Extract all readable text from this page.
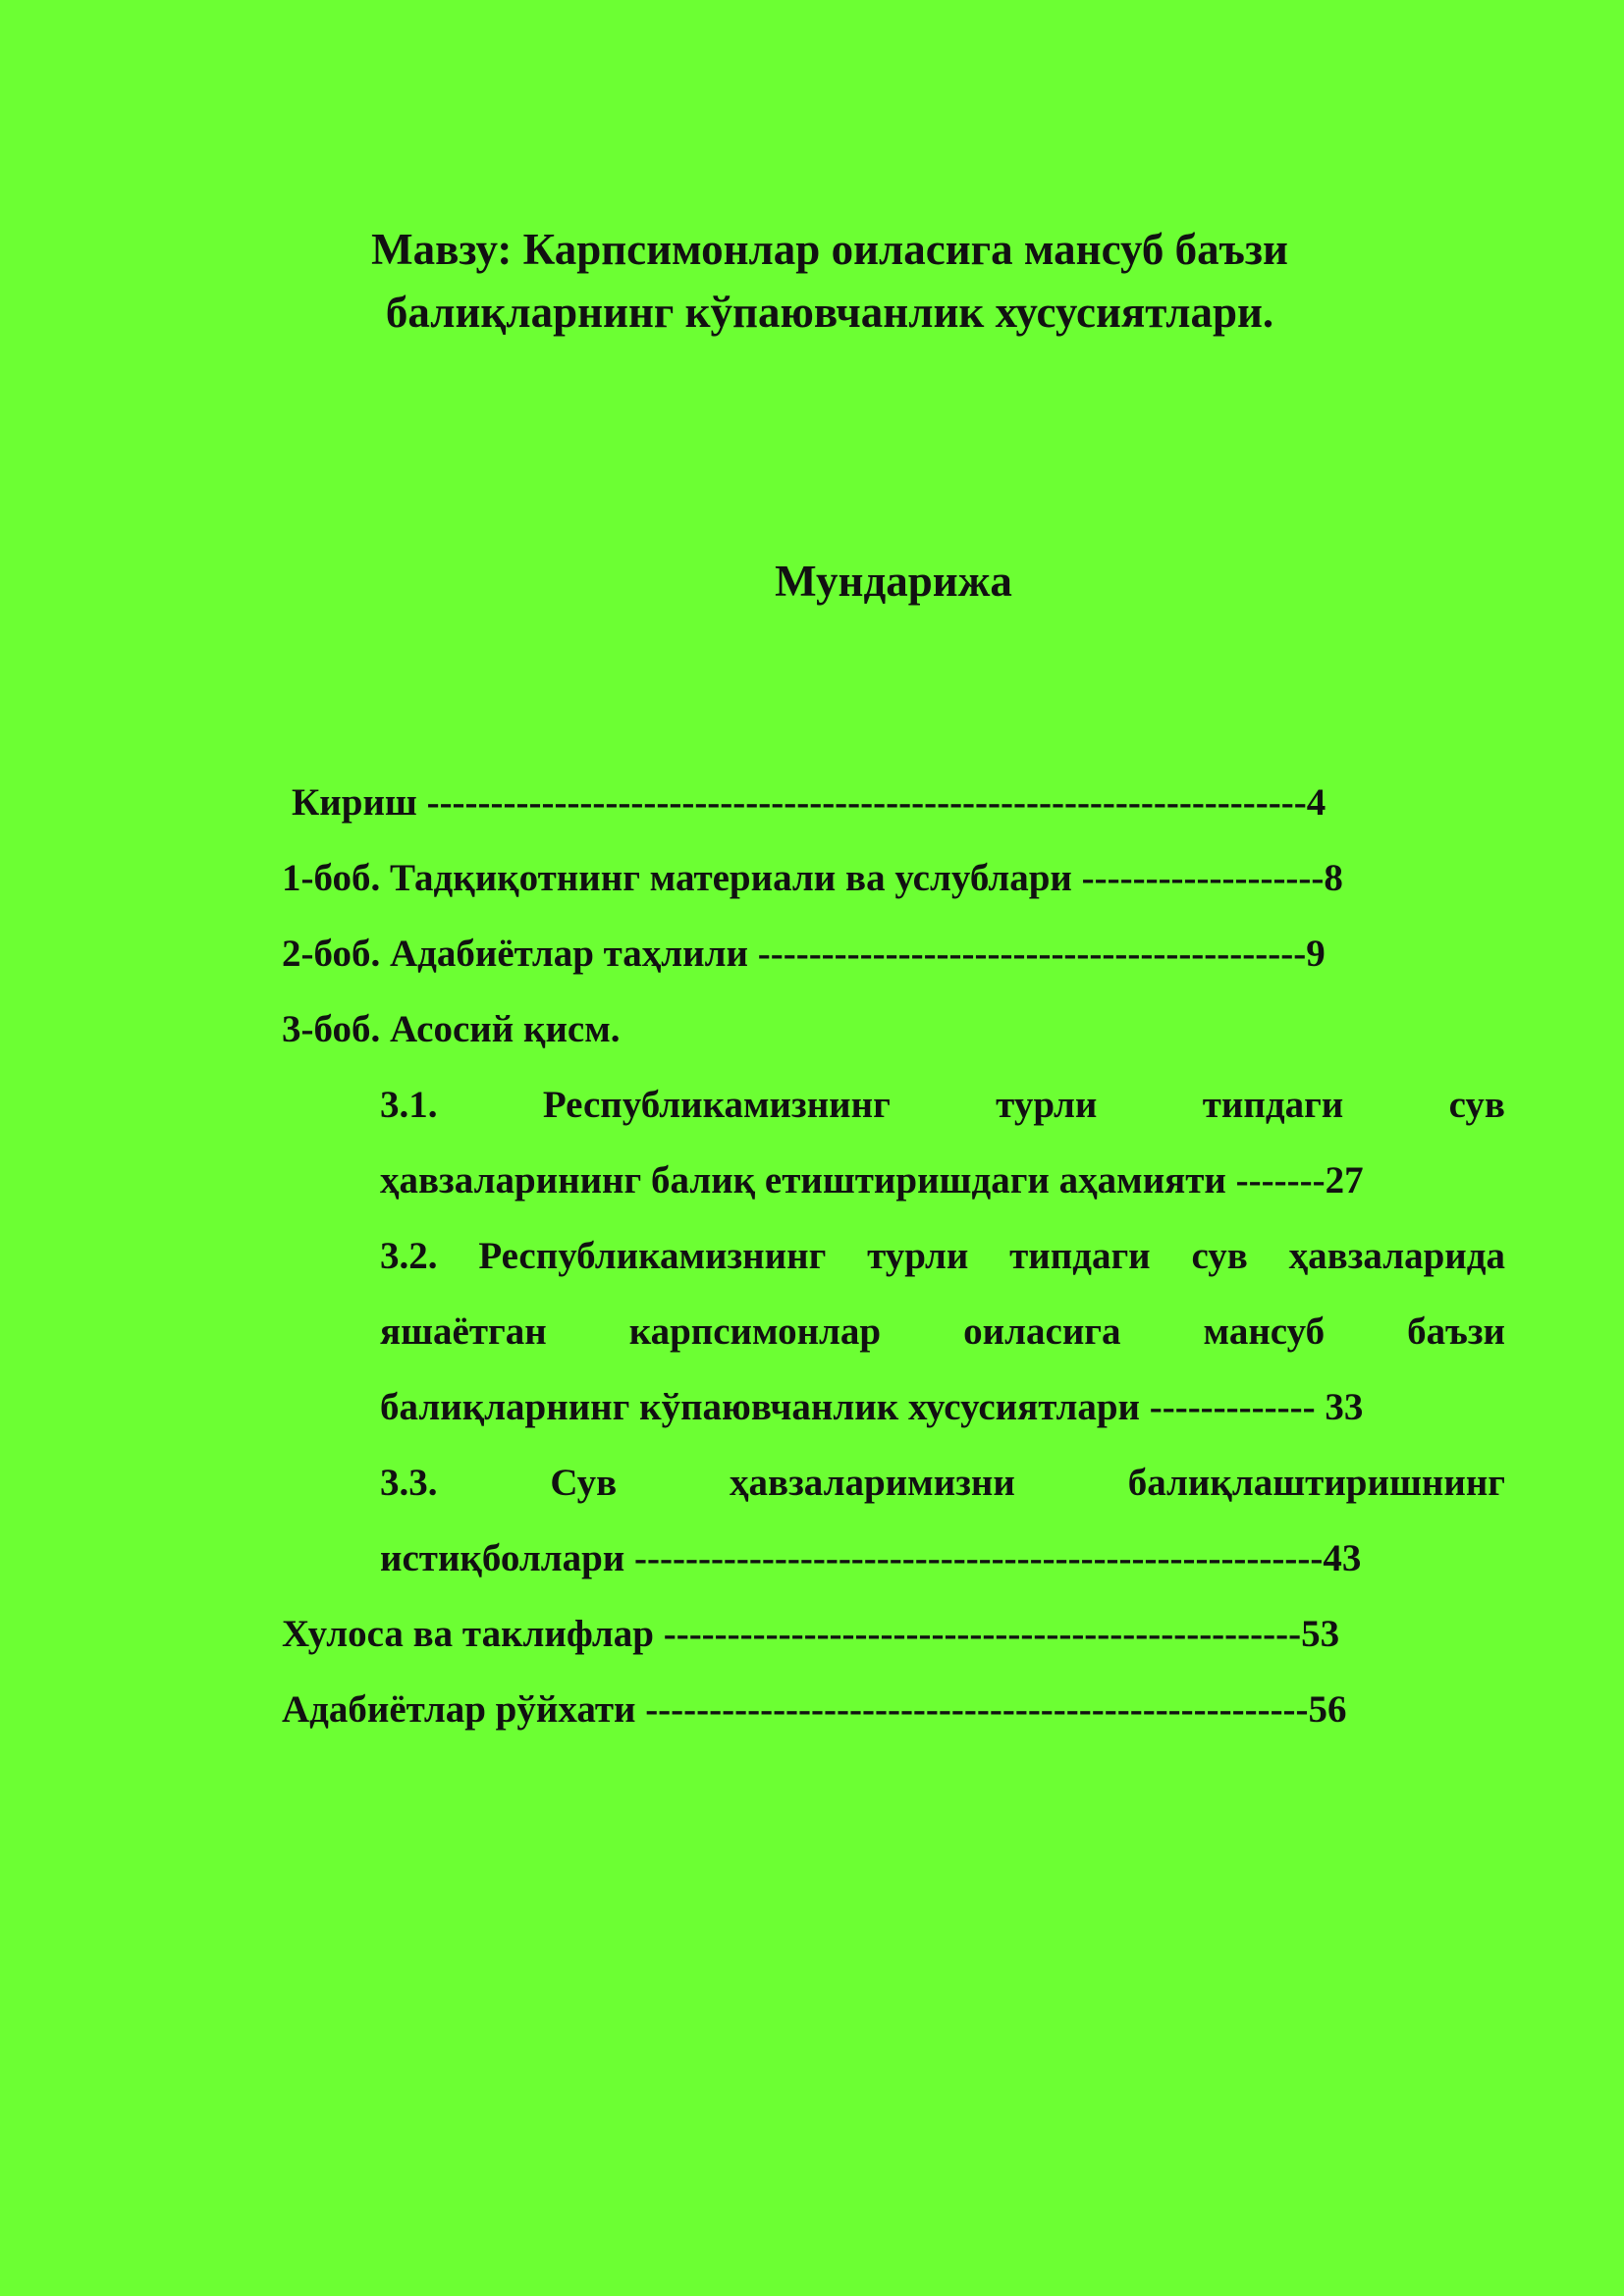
Мавзу: Карпсимонлар оиласига мансуб баъзи
балиқларнинг кўпаювчанлик хусусиятлари.
Мундарижа
Кириш ---------------------------------------------------------------------4
1-боб. Тадқиқотнинг материали ва услублари -------------------8
2-боб. Адабиётлар таҳлили -------------------------------------------9
3-боб. Асосий қисм.
3.1. Республикамизнинг турли типдаги сув
ҳавзаларининг балиқ етиштиришдаги аҳамияти -------27
3.2. Республикамизнинг турли типдаги сув ҳавзаларида
яшаётган карпсимонлар оиласига мансуб баъзи
балиқларнинг кўпаювчанлик хусусиятлари ------------- 33
3.3. Сув ҳавзаларимизни балиқлаштиришнинг
истиқболлари ------------------------------------------------------43
Хулоса ва таклифлар --------------------------------------------------53
Адабиётлар рўйхати ----------------------------------------------------56
